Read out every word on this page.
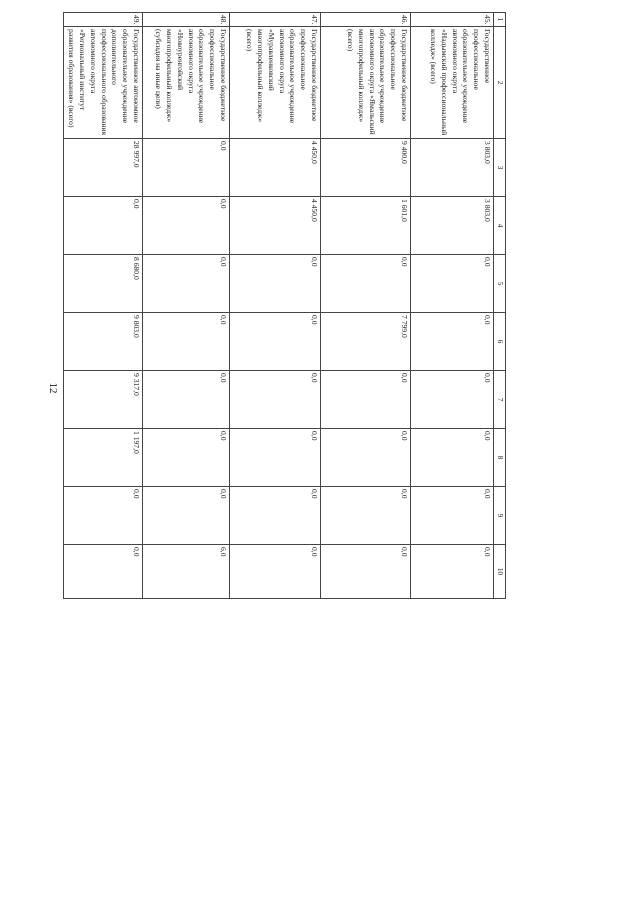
12
1	2	3	4	5	6	7	8	9	10
45.	Государственное профессиональное образовательное учреждение автономного округа «Надымский профессиональный колледж» (всего)	3 803,0	3 803,0	0,0	0,0	0,0	0,0	0,0	0,0
46.	Государственное бюджетное профессиональное образовательное учреждение автономного округа «Ямальский многопрофильный колледж» (всего)	9 400,0	1 601,0	0,0	7 799,0	0,0	0,0	0,0	0,0
47.	Государственное бюджетное профессиональное образовательное учреждение автономного округа «Муравленковский многопрофильный колледж» (всего)	4 450,0	4 450,0	0,0	0,0	0,0	0,0	0,0	0,0
48.	Государственное бюджетное профессиональное образовательное учреждение автономного округа «Новоуренгойский многопрофильный колледж» (субсидия на иные цели)	0,0	0,0	0,0	0,0	0,0	0,0	0,0	6,0
49.	Государственное автономное образовательное учреждение дополнительного профессионального образования автономного округа «Региональный институт развития образования» (всего)	28 997,0	0,0	8 680,0	9 803,0	9 317,0	1 197,0	0,0	0,0
